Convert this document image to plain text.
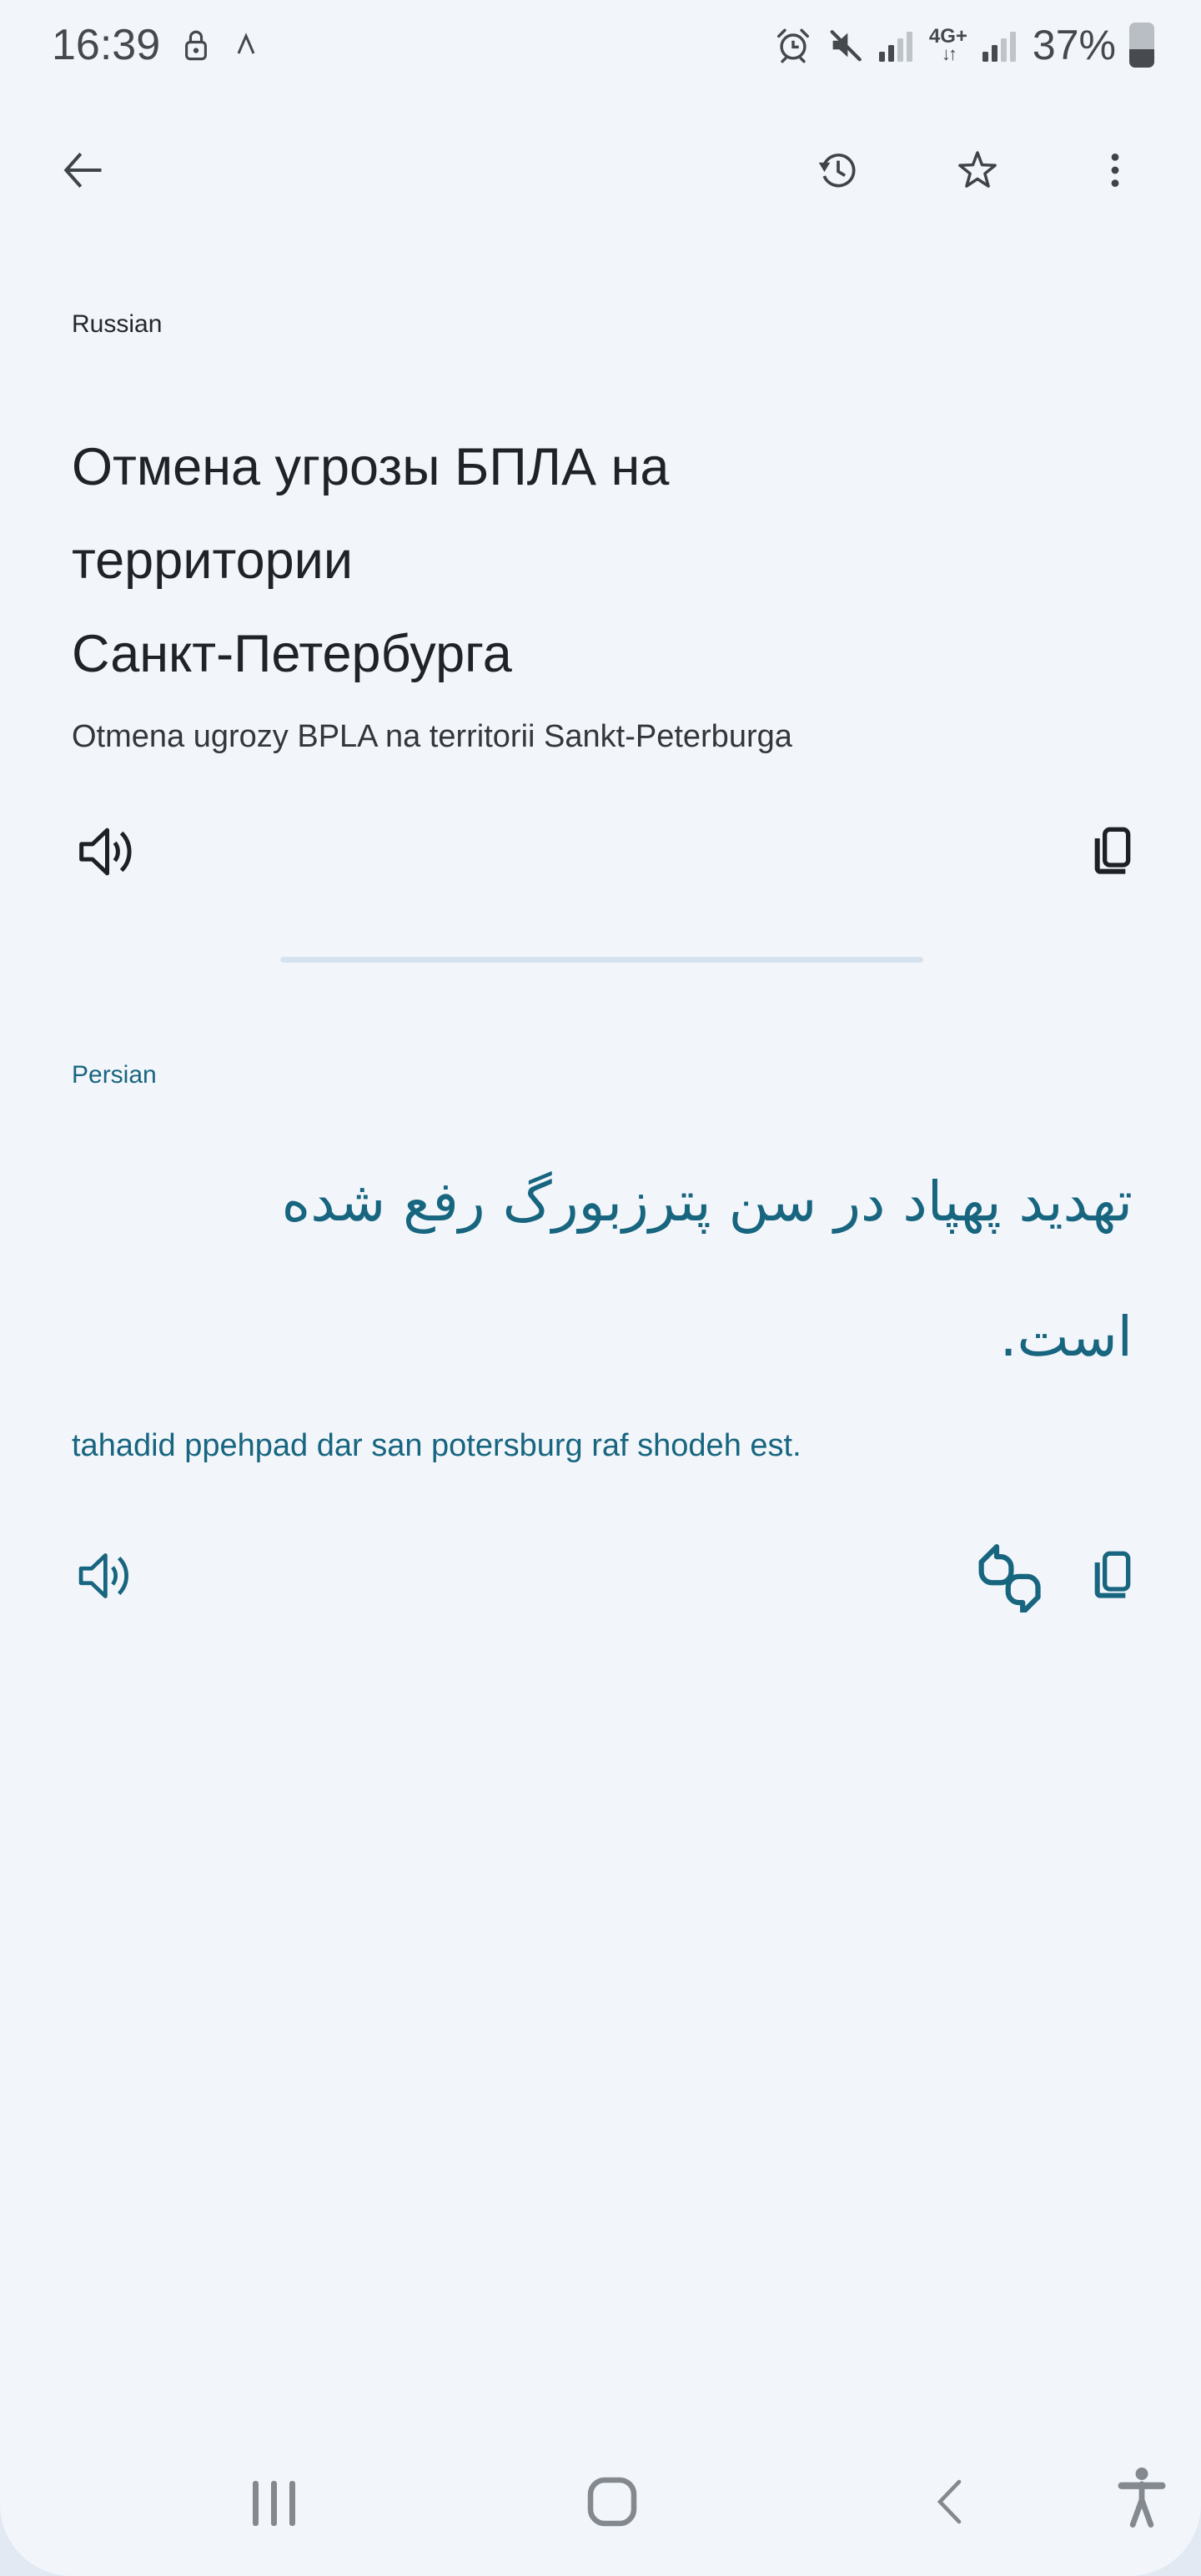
16:39	4G+
↓↑ 37%
Russian
Отмена угрозы БПЛА на
территории
Санкт-Петербурга
Otmena ugrozy BPLA na territorii Sankt-Peterburga
Persian
تهدید پهپاد در سن پترزبورگ رفع شده
است.
tahadid ppehpad dar san potersburg raf shodeh est.
